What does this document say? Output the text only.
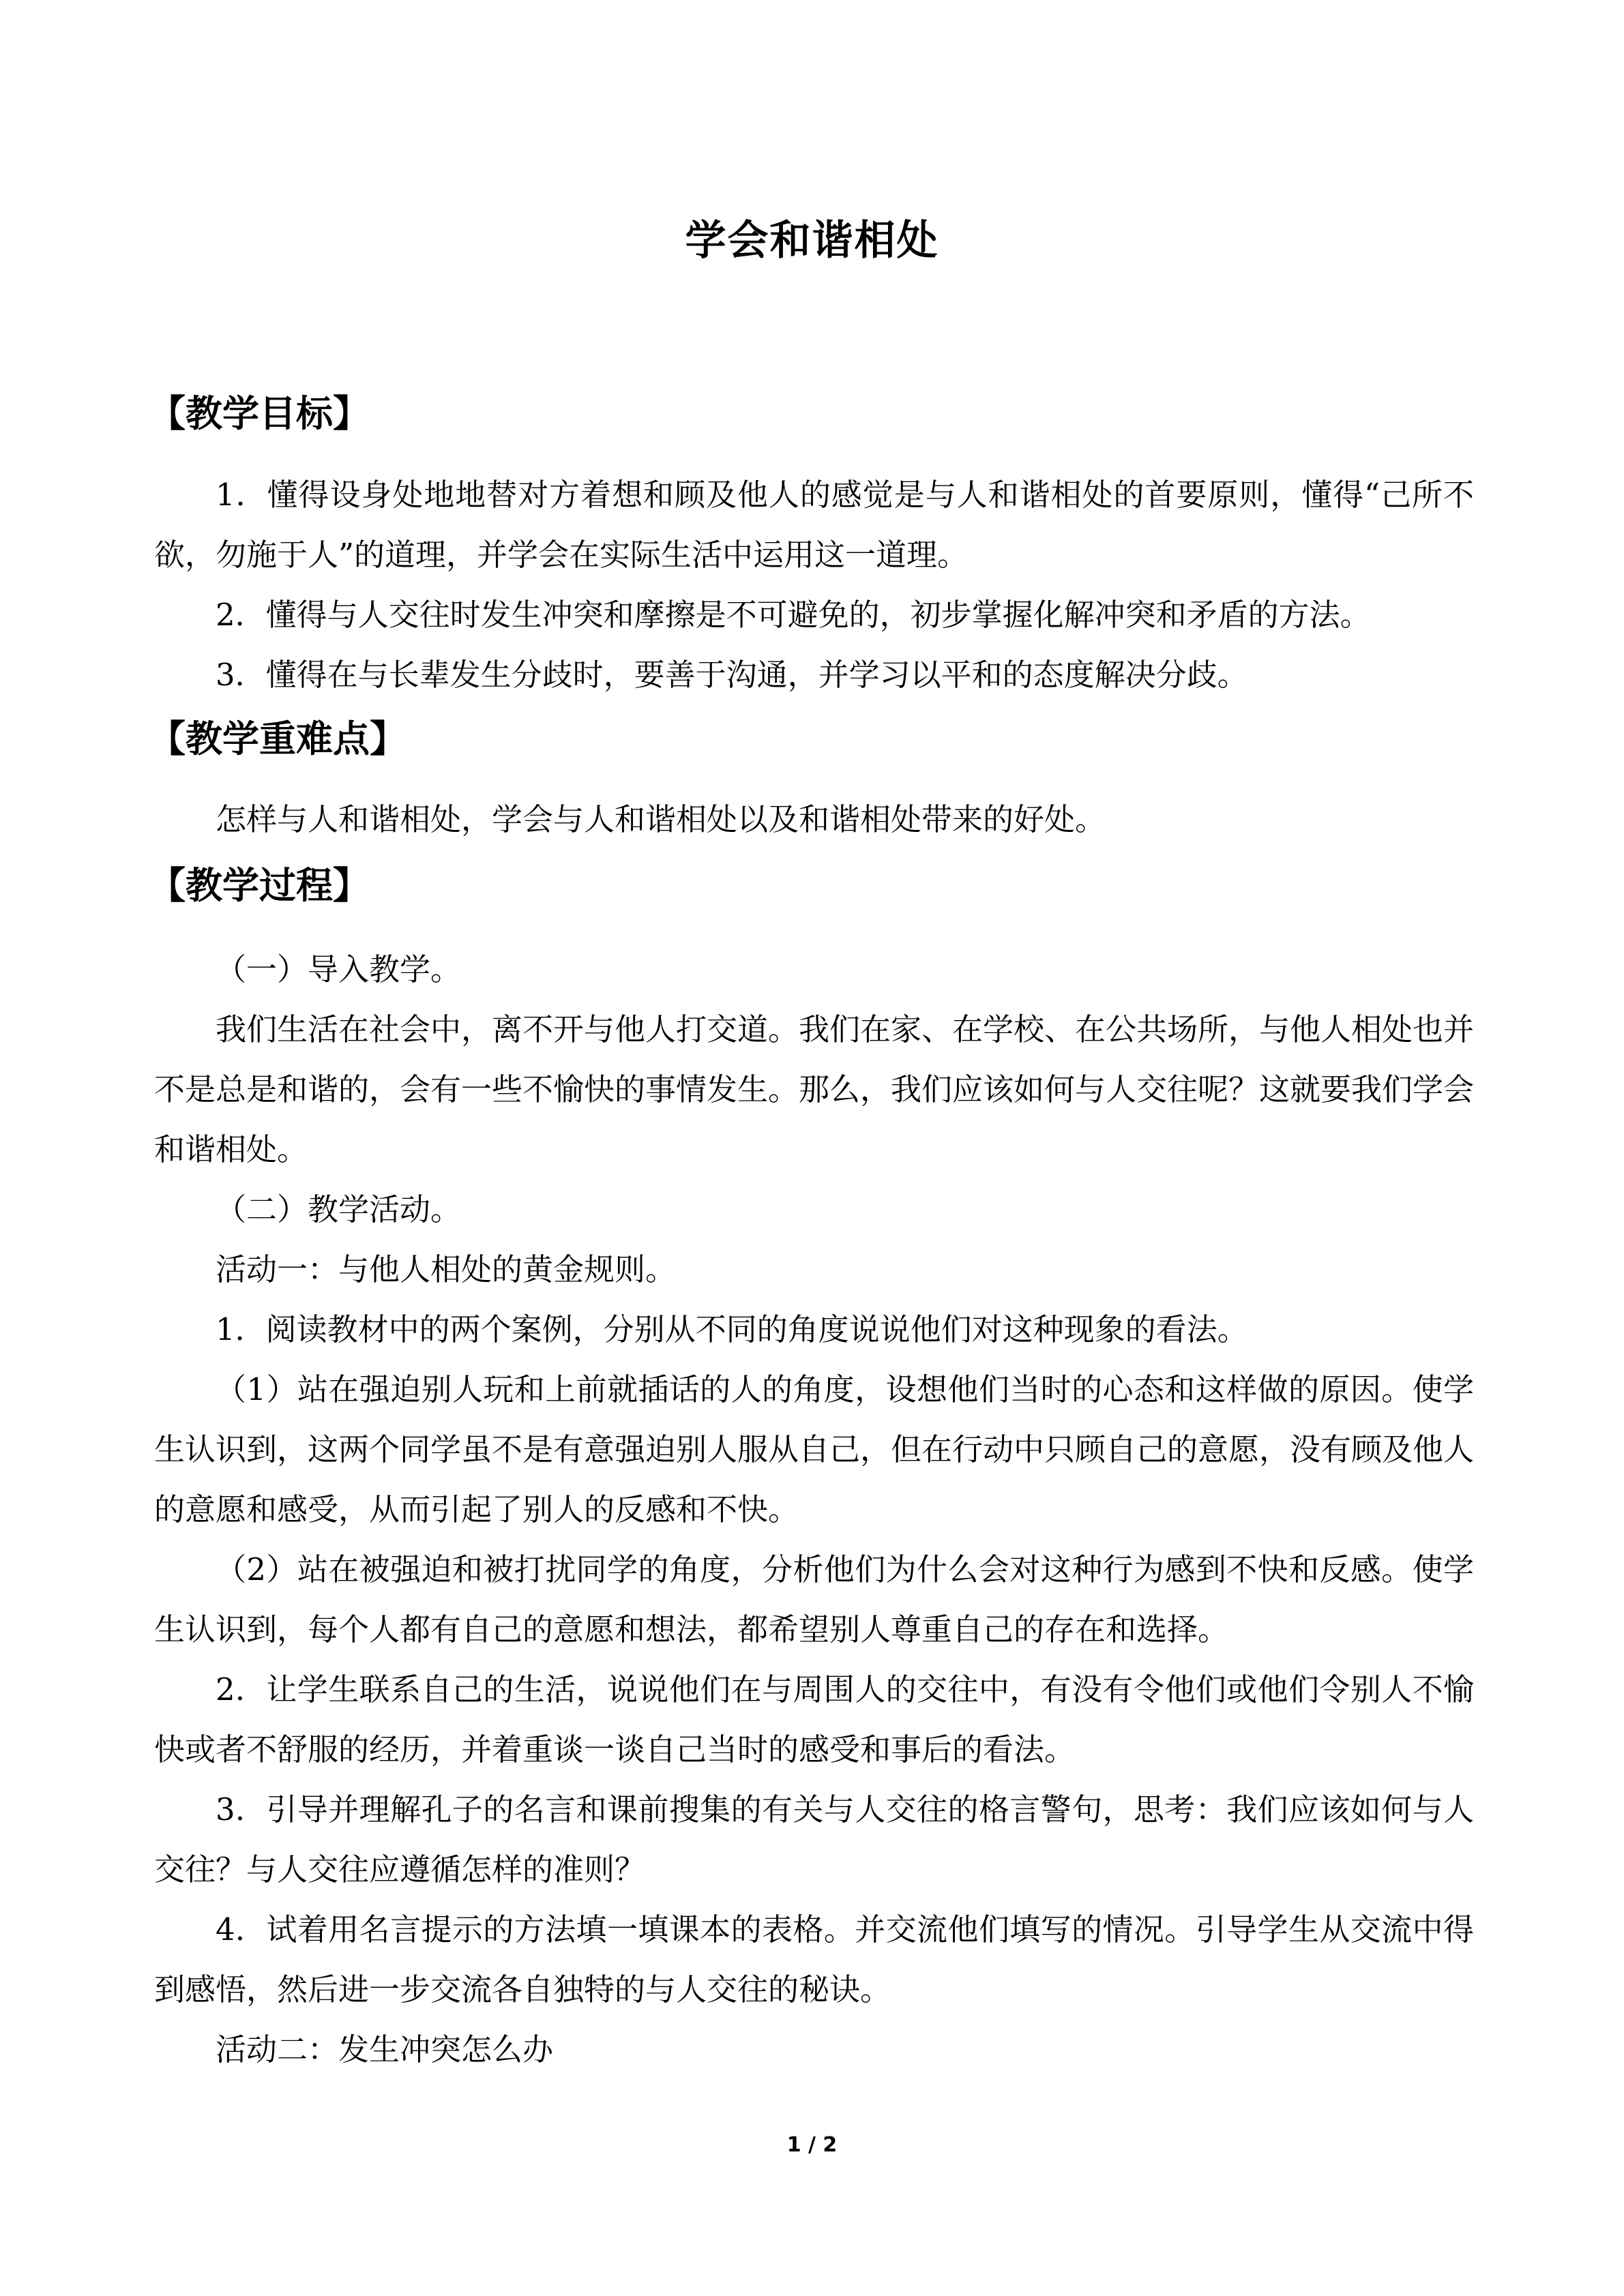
学会和谐相处
【教学目标】
1．懂得设身处地地替对方着想和顾及他人的感觉是与人和谐相处的首要原则，懂得“己所不欲，勿施于人”的道理，并学会在实际生活中运用这一道理。
2．懂得与人交往时发生冲突和摩擦是不可避免的，初步掌握化解冲突和矛盾的方法。
3．懂得在与长辈发生分歧时，要善于沟通，并学习以平和的态度解决分歧。
【教学重难点】
怎样与人和谐相处，学会与人和谐相处以及和谐相处带来的好处。
【教学过程】
（一）导入教学。
我们生活在社会中，离不开与他人打交道。我们在家、在学校、在公共场所，与他人相处也并不是总是和谐的，会有一些不愉快的事情发生。那么，我们应该如何与人交往呢？这就要我们学会和谐相处。
（二）教学活动。
活动一：与他人相处的黄金规则。
1．阅读教材中的两个案例，分别从不同的角度说说他们对这种现象的看法。
（1）站在强迫别人玩和上前就插话的人的角度，设想他们当时的心态和这样做的原因。使学生认识到，这两个同学虽不是有意强迫别人服从自己，但在行动中只顾自己的意愿，没有顾及他人的意愿和感受，从而引起了别人的反感和不快。
（2）站在被强迫和被打扰同学的角度，分析他们为什么会对这种行为感到不快和反感。使学生认识到，每个人都有自己的意愿和想法，都希望别人尊重自己的存在和选择。
2．让学生联系自己的生活，说说他们在与周围人的交往中，有没有令他们或他们令别人不愉快或者不舒服的经历，并着重谈一谈自己当时的感受和事后的看法。
3．引导并理解孔子的名言和课前搜集的有关与人交往的格言警句，思考：我们应该如何与人交往？与人交往应遵循怎样的准则？
4．试着用名言提示的方法填一填课本的表格。并交流他们填写的情况。引导学生从交流中得到感悟，然后进一步交流各自独特的与人交往的秘诀。
活动二：发生冲突怎么办
1 / 2
